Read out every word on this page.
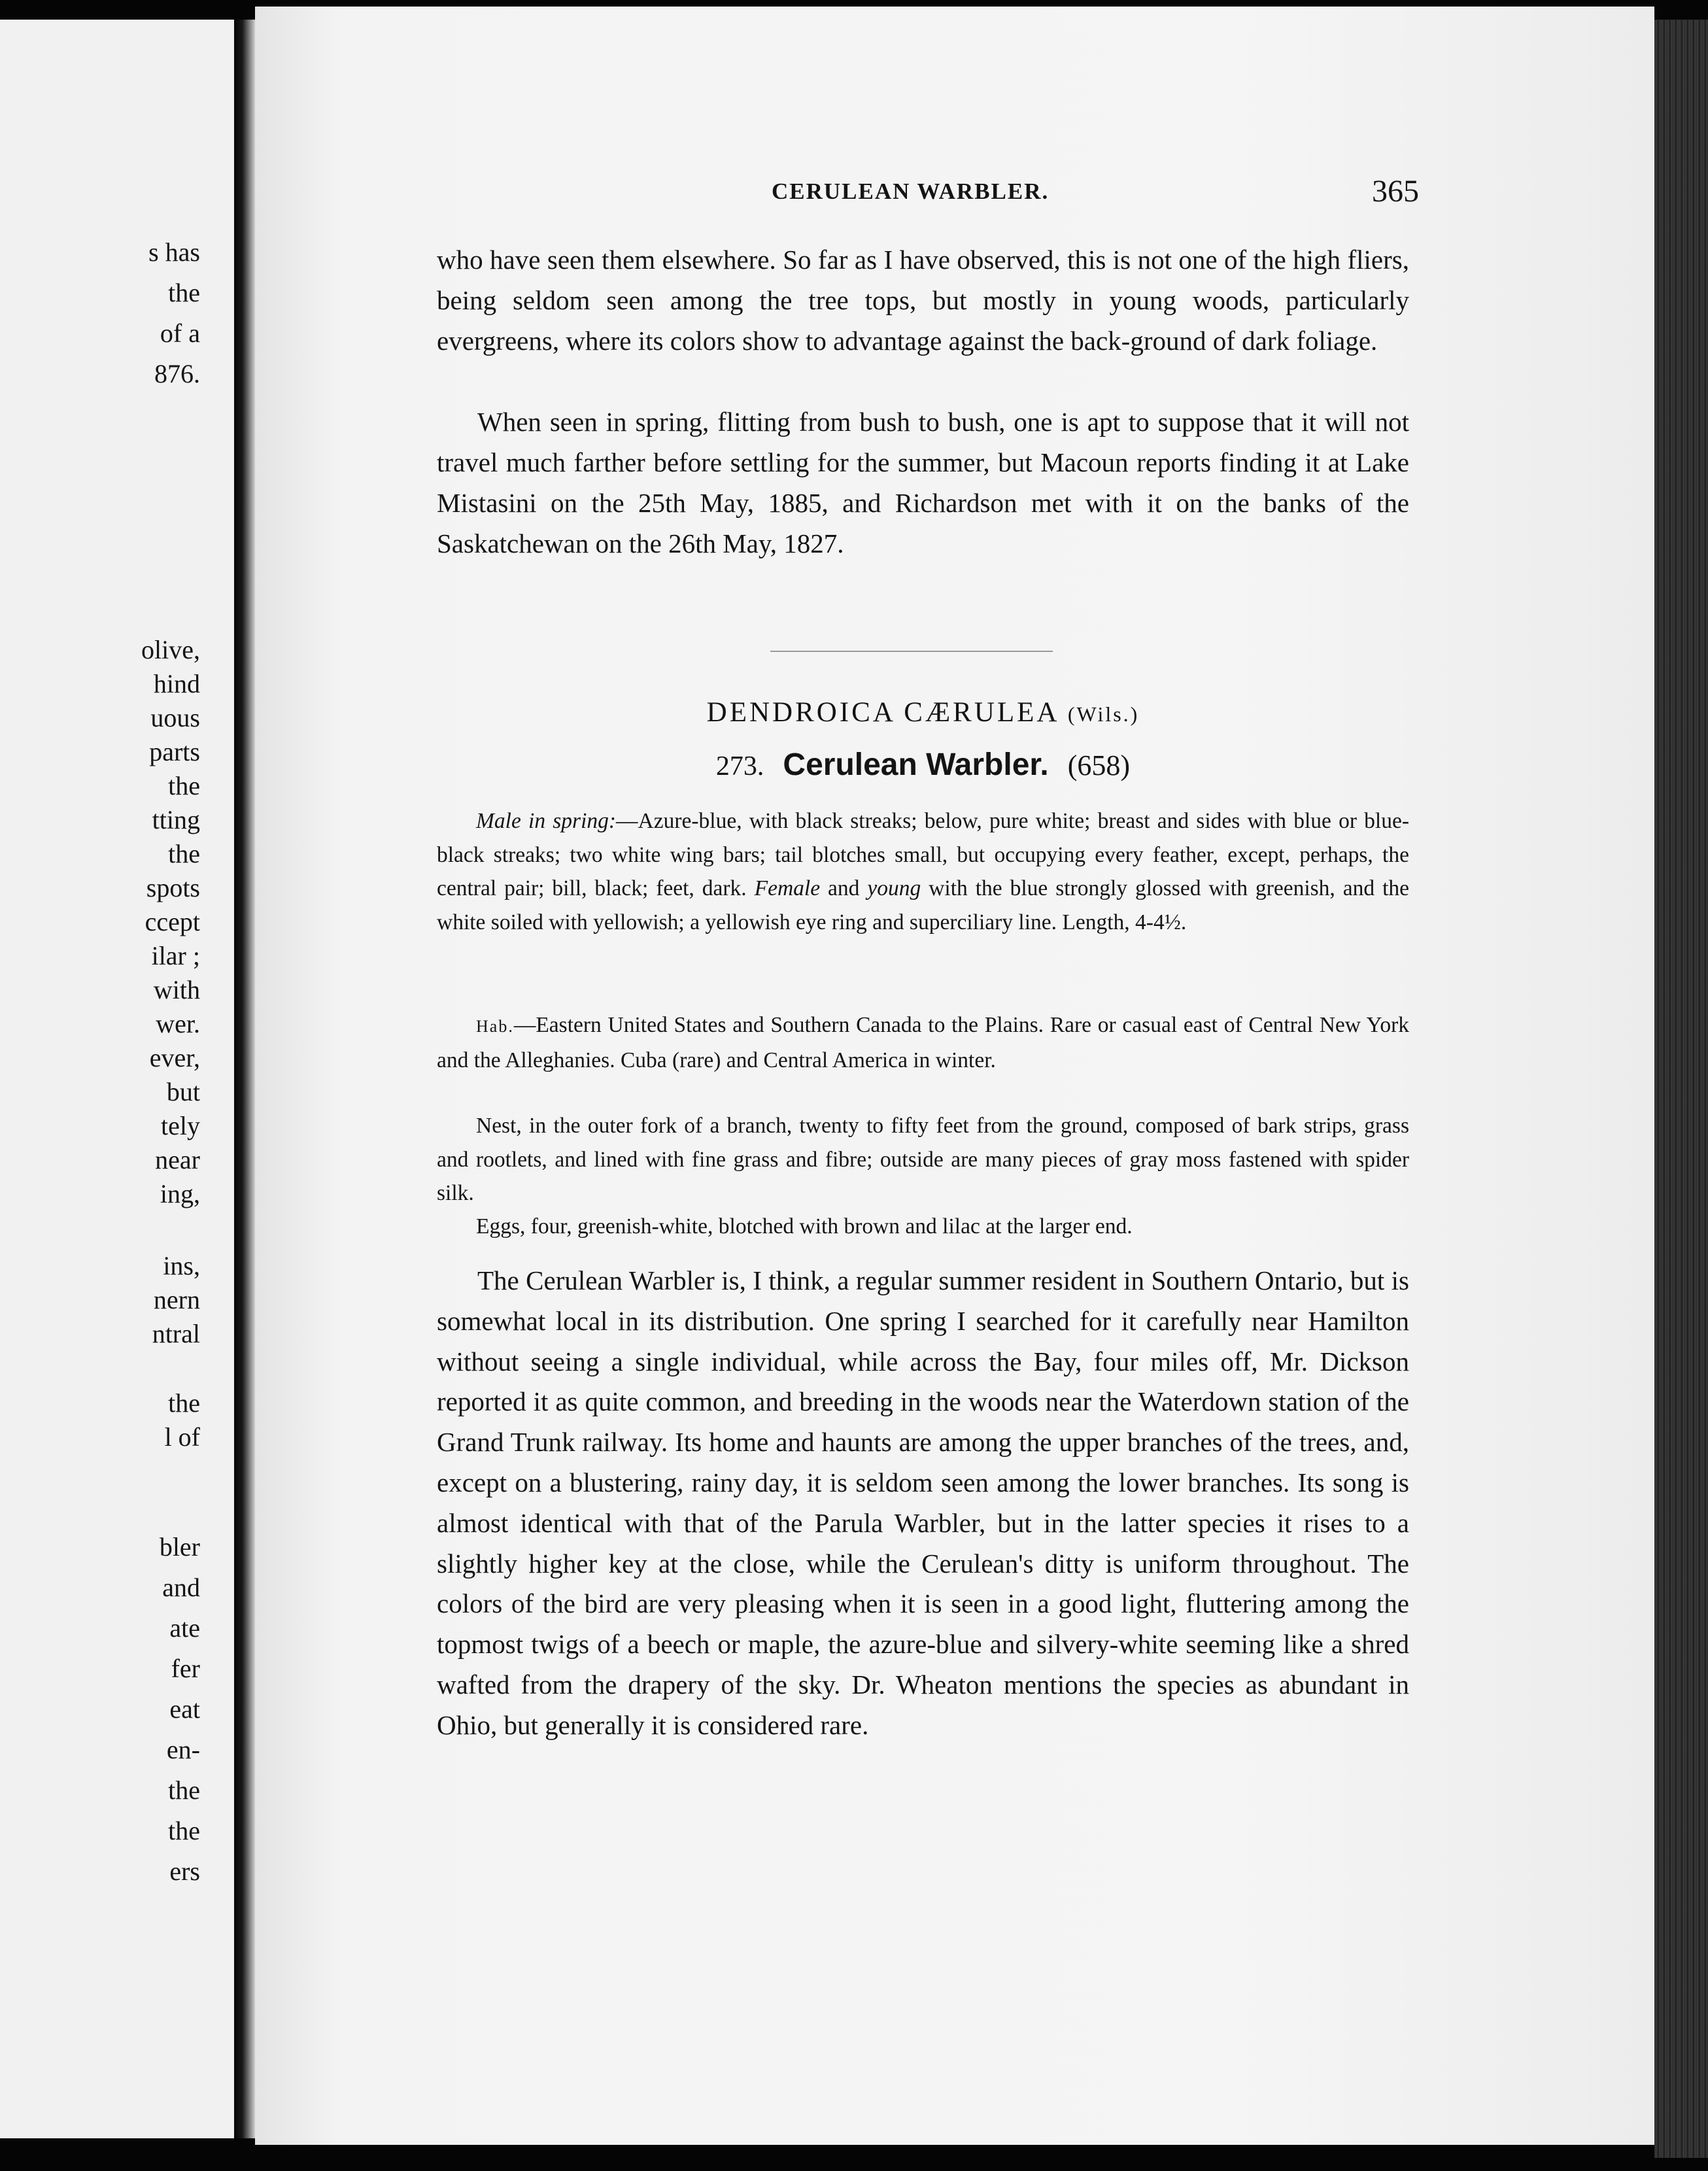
s has
the
of a
876.
olive,
hind
uous
parts
the
tting
the
spots
ccept
ilar ;
with
wer.
ever,
but
tely
near
ing,
ins,
nern
ntral
the
l of
bler
and
ate
fer
eat
en-
the
the
ers
CERULEAN WARBLER.	365

who have seen them elsewhere. So far as I have observed, this is not one of the high fliers, being seldom seen among the tree tops, but mostly in young woods, particularly evergreens, where its colors show to advantage against the back-ground of dark foliage.

When seen in spring, flitting from bush to bush, one is apt to suppose that it will not travel much farther before settling for the summer, but Macoun reports finding it at Lake Mistasini on the 25th May, 1885, and Richardson met with it on the banks of the Saskatchewan on the 26th May, 1827.

DENDROICA CÆRULEA (Wils.)
273. Cerulean Warbler. (658)

Male in spring:—Azure-blue, with black streaks; below, pure white; breast and sides with blue or blue-black streaks; two white wing bars; tail blotches small, but occupying every feather, except, perhaps, the central pair; bill, black; feet, dark. Female and young with the blue strongly glossed with greenish, and the white soiled with yellowish; a yellowish eye ring and superciliary line. Length, 4-4½.

Hab.—Eastern United States and Southern Canada to the Plains. Rare or casual east of Central New York and the Alleghanies. Cuba (rare) and Central America in winter.

Nest, in the outer fork of a branch, twenty to fifty feet from the ground, composed of bark strips, grass and rootlets, and lined with fine grass and fibre; outside are many pieces of gray moss fastened with spider silk.

Eggs, four, greenish-white, blotched with brown and lilac at the larger end.

The Cerulean Warbler is, I think, a regular summer resident in Southern Ontario, but is somewhat local in its distribution. One spring I searched for it carefully near Hamilton without seeing a single individual, while across the Bay, four miles off, Mr. Dickson reported it as quite common, and breeding in the woods near the Waterdown station of the Grand Trunk railway. Its home and haunts are among the upper branches of the trees, and, except on a blustering, rainy day, it is seldom seen among the lower branches. Its song is almost identical with that of the Parula Warbler, but in the latter species it rises to a slightly higher key at the close, while the Cerulean's ditty is uniform throughout. The colors of the bird are very pleasing when it is seen in a good light, fluttering among the topmost twigs of a beech or maple, the azure-blue and silvery-white seeming like a shred wafted from the drapery of the sky. Dr. Wheaton mentions the species as abundant in Ohio, but generally it is considered rare.
